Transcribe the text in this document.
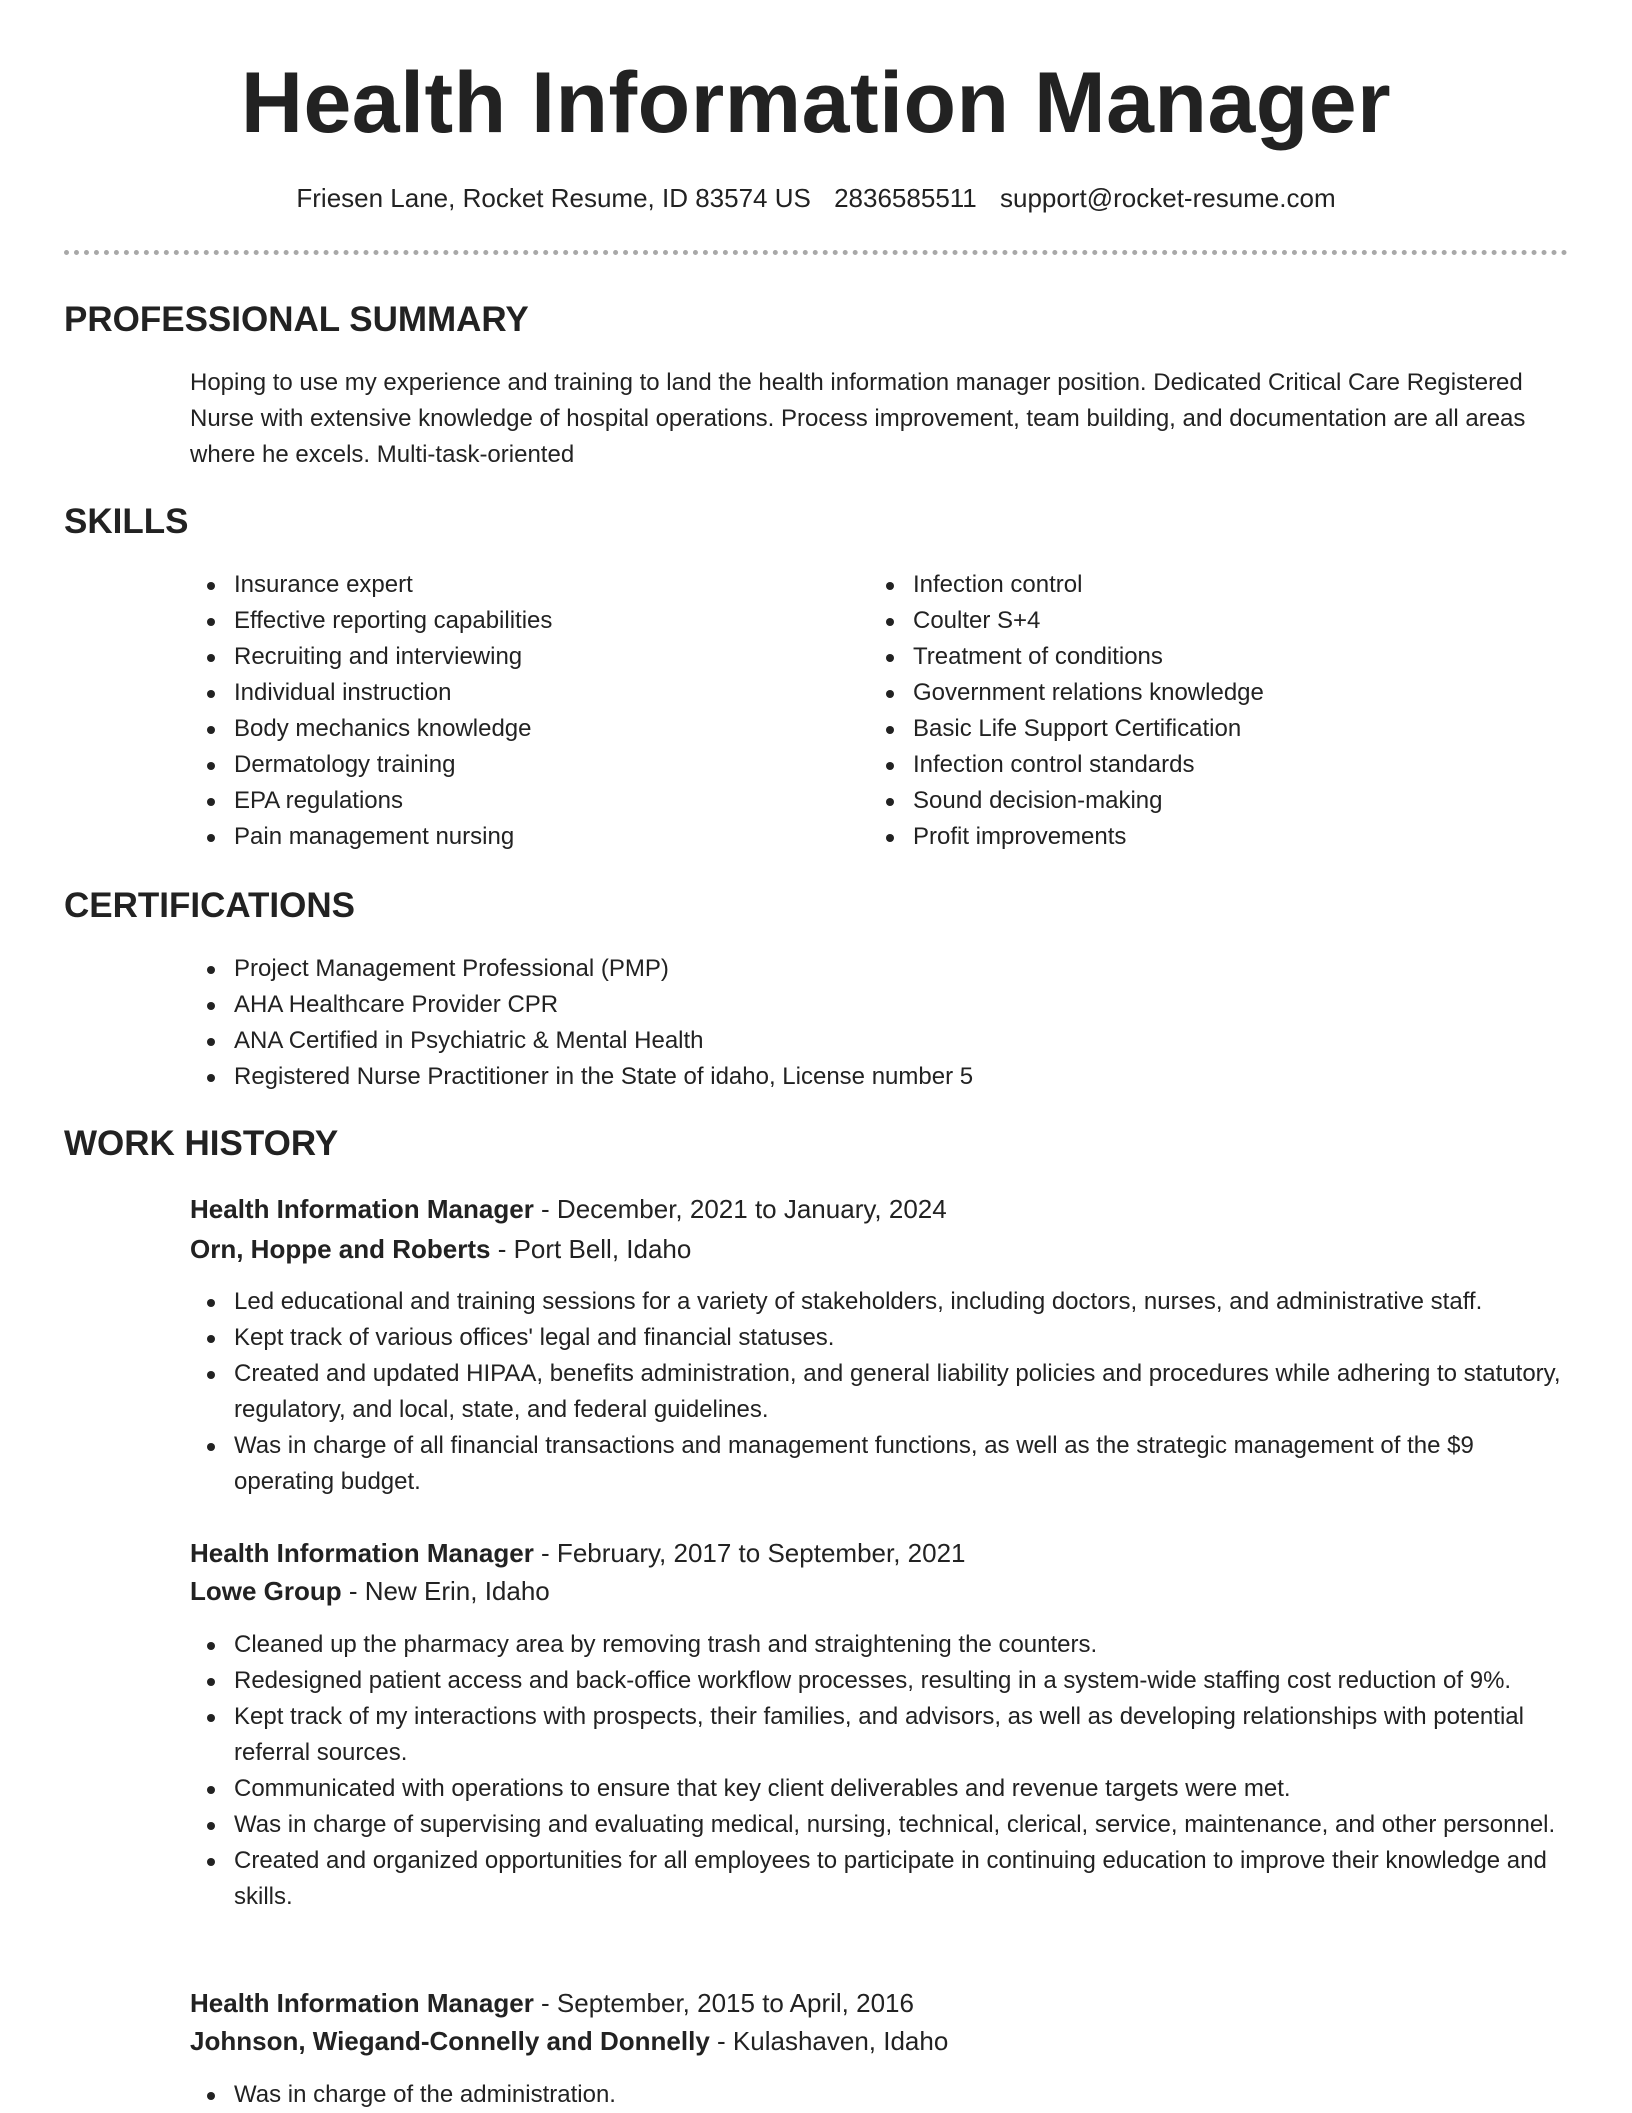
Health Information Manager
Friesen Lane, Rocket Resume, ID 83574 US 2836585511 support@rocket-resume.com
PROFESSIONAL SUMMARY
Hoping to use my experience and training to land the health information manager position. Dedicated Critical Care Registered Nurse with extensive knowledge of hospital operations. Process improvement, team building, and documentation are all areas where he excels. Multi-task-oriented
SKILLS
Insurance expert
Effective reporting capabilities
Recruiting and interviewing
Individual instruction
Body mechanics knowledge
Dermatology training
EPA regulations
Pain management nursing
Infection control
Coulter S+4
Treatment of conditions
Government relations knowledge
Basic Life Support Certification
Infection control standards
Sound decision-making
Profit improvements
CERTIFICATIONS
Project Management Professional (PMP)
AHA Healthcare Provider CPR
ANA Certified in Psychiatric & Mental Health
Registered Nurse Practitioner in the State of idaho, License number 5
WORK HISTORY
Health Information Manager - December, 2021 to January, 2024
Orn, Hoppe and Roberts - Port Bell, Idaho
Led educational and training sessions for a variety of stakeholders, including doctors, nurses, and administrative staff.
Kept track of various offices' legal and financial statuses.
Created and updated HIPAA, benefits administration, and general liability policies and procedures while adhering to statutory, regulatory, and local, state, and federal guidelines.
Was in charge of all financial transactions and management functions, as well as the strategic management of the $9 operating budget.
Health Information Manager - February, 2017 to September, 2021
Lowe Group - New Erin, Idaho
Cleaned up the pharmacy area by removing trash and straightening the counters.
Redesigned patient access and back-office workflow processes, resulting in a system-wide staffing cost reduction of 9%.
Kept track of my interactions with prospects, their families, and advisors, as well as developing relationships with potential referral sources.
Communicated with operations to ensure that key client deliverables and revenue targets were met.
Was in charge of supervising and evaluating medical, nursing, technical, clerical, service, maintenance, and other personnel.
Created and organized opportunities for all employees to participate in continuing education to improve their knowledge and skills.
Health Information Manager - September, 2015 to April, 2016
Johnson, Wiegand-Connelly and Donnelly - Kulashaven, Idaho
Was in charge of the administration.
